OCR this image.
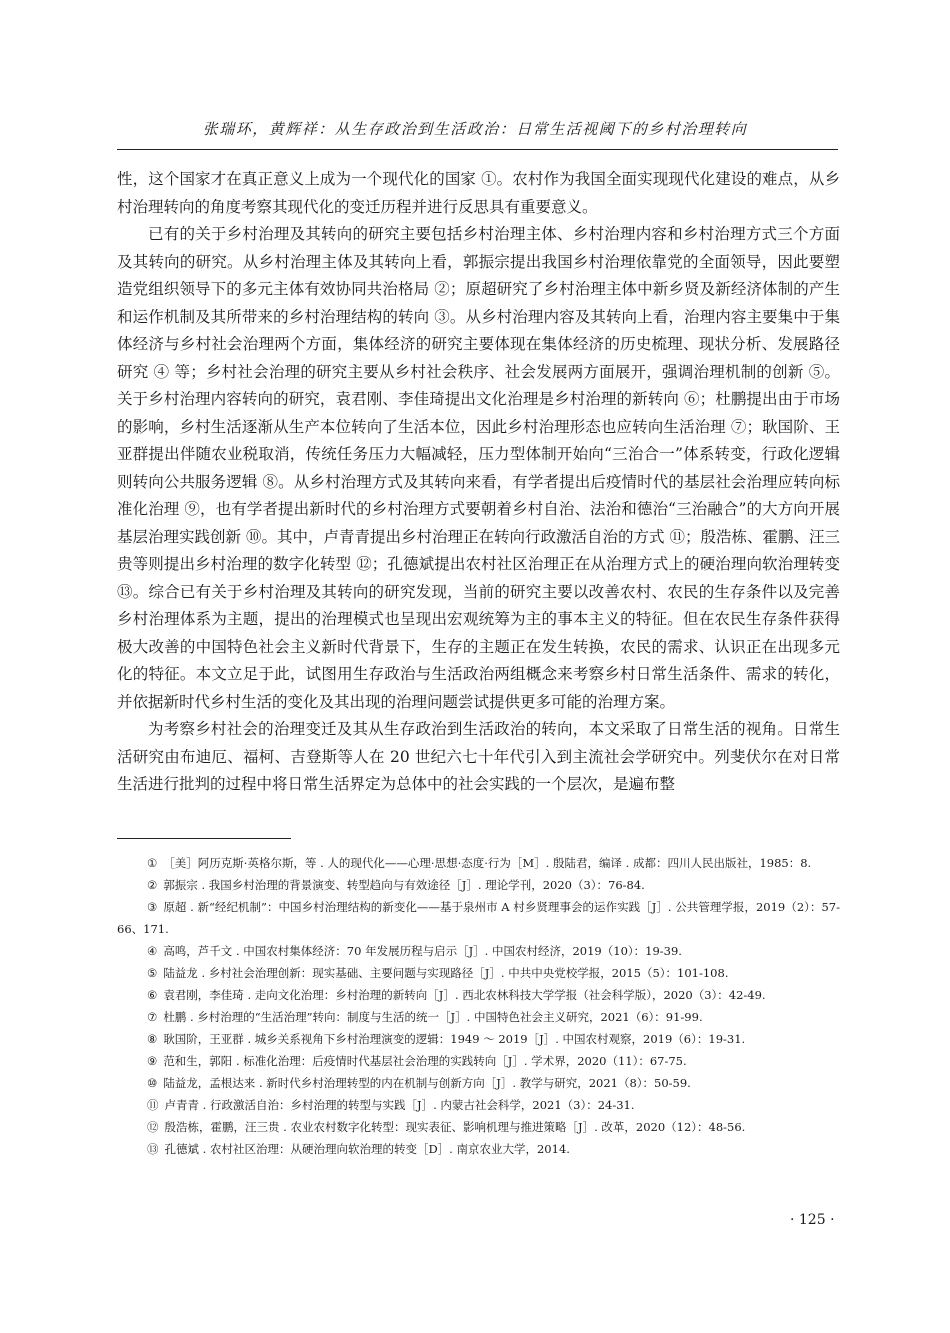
张瑞环，黄辉祥：从生存政治到生活政治：日常生活视阈下的乡村治理转向

性，这个国家才在真正意义上成为一个现代化的国家 ①。农村作为我国全面实现现代化建设的难点，从乡村治理转向的角度考察其现代化的变迁历程并进行反思具有重要意义。

已有的关于乡村治理及其转向的研究主要包括乡村治理主体、乡村治理内容和乡村治理方式三个方面及其转向的研究。从乡村治理主体及其转向上看，郭振宗提出我国乡村治理依靠党的全面领导，因此要塑造党组织领导下的多元主体有效协同共治格局 ②；原超研究了乡村治理主体中新乡贤及新经济体制的产生和运作机制及其所带来的乡村治理结构的转向 ③。从乡村治理内容及其转向上看，治理内容主要集中于集体经济与乡村社会治理两个方面，集体经济的研究主要体现在集体经济的历史梳理、现状分析、发展路径研究 ④ 等；乡村社会治理的研究主要从乡村社会秩序、社会发展两方面展开，强调治理机制的创新 ⑤。关于乡村治理内容转向的研究，袁君刚、李佳琦提出文化治理是乡村治理的新转向 ⑥；杜鹏提出由于市场的影响，乡村生活逐渐从生产本位转向了生活本位，因此乡村治理形态也应转向生活治理 ⑦；耿国阶、王亚群提出伴随农业税取消，传统任务压力大幅减轻，压力型体制开始向“三治合一”体系转变，行政化逻辑则转向公共服务逻辑 ⑧。从乡村治理方式及其转向来看，有学者提出后疫情时代的基层社会治理应转向标准化治理 ⑨，也有学者提出新时代的乡村治理方式要朝着乡村自治、法治和德治“三治融合”的大方向开展基层治理实践创新 ⑩。其中，卢青青提出乡村治理正在转向行政激活自治的方式 ⑪；殷浩栋、霍鹏、汪三贵等则提出乡村治理的数字化转型 ⑫；孔德斌提出农村社区治理正在从治理方式上的硬治理向软治理转变 ⑬。综合已有关于乡村治理及其转向的研究发现，当前的研究主要以改善农村、农民的生存条件以及完善乡村治理体系为主题，提出的治理模式也呈现出宏观统筹为主的事本主义的特征。但在农民生存条件获得极大改善的中国特色社会主义新时代背景下，生存的主题正在发生转换，农民的需求、认识正在出现多元化的特征。本文立足于此，试图用生存政治与生活政治两组概念来考察乡村日常生活条件、需求的转化，并依据新时代乡村生活的变化及其出现的治理问题尝试提供更多可能的治理方案。

为考察乡村社会的治理变迁及其从生存政治到生活政治的转向，本文采取了日常生活的视角。日常生活研究由布迪厄、福柯、吉登斯等人在 20 世纪六七十年代引入到主流社会学研究中。列斐伏尔在对日常生活进行批判的过程中将日常生活界定为总体中的社会实践的一个层次，是遍布整

① ［美］阿历克斯·英格尔斯，等 . 人的现代化——心理·思想·态度·行为［M］. 殷陆君，编译 . 成都：四川人民出版社，1985：8.
② 郭振宗 . 我国乡村治理的背景演变、转型趋向与有效途径［J］. 理论学刊，2020（3）：76-84.
③ 原超 . 新“经纪机制”：中国乡村治理结构的新变化——基于泉州市 A 村乡贤理事会的运作实践［J］. 公共管理学报，2019（2）：57-66、171.
④ 高鸣，芦千文 . 中国农村集体经济：70 年发展历程与启示［J］. 中国农村经济，2019（10）：19-39.
⑤ 陆益龙 . 乡村社会治理创新：现实基础、主要问题与实现路径［J］. 中共中央党校学报，2015（5）：101-108.
⑥ 袁君刚，李佳琦 . 走向文化治理：乡村治理的新转向［J］. 西北农林科技大学学报（社会科学版），2020（3）：42-49.
⑦ 杜鹏 . 乡村治理的“生活治理”转向：制度与生活的统一［J］. 中国特色社会主义研究，2021（6）：91-99.
⑧ 耿国阶，王亚群 . 城乡关系视角下乡村治理演变的逻辑：1949 ～ 2019［J］. 中国农村观察，2019（6）：19-31.
⑨ 范和生，郭阳 . 标准化治理：后疫情时代基层社会治理的实践转向［J］. 学术界，2020（11）：67-75.
⑩ 陆益龙，孟根达来 . 新时代乡村治理转型的内在机制与创新方向［J］. 教学与研究，2021（8）：50-59.
⑪ 卢青青 . 行政激活自治：乡村治理的转型与实践［J］. 内蒙古社会科学，2021（3）：24-31.
⑫ 殷浩栋，霍鹏，汪三贵 . 农业农村数字化转型：现实表征、影响机理与推进策略［J］. 改革，2020（12）：48-56.
⑬ 孔德斌 . 农村社区治理：从硬治理向软治理的转变［D］. 南京农业大学，2014.
· 125 ·
